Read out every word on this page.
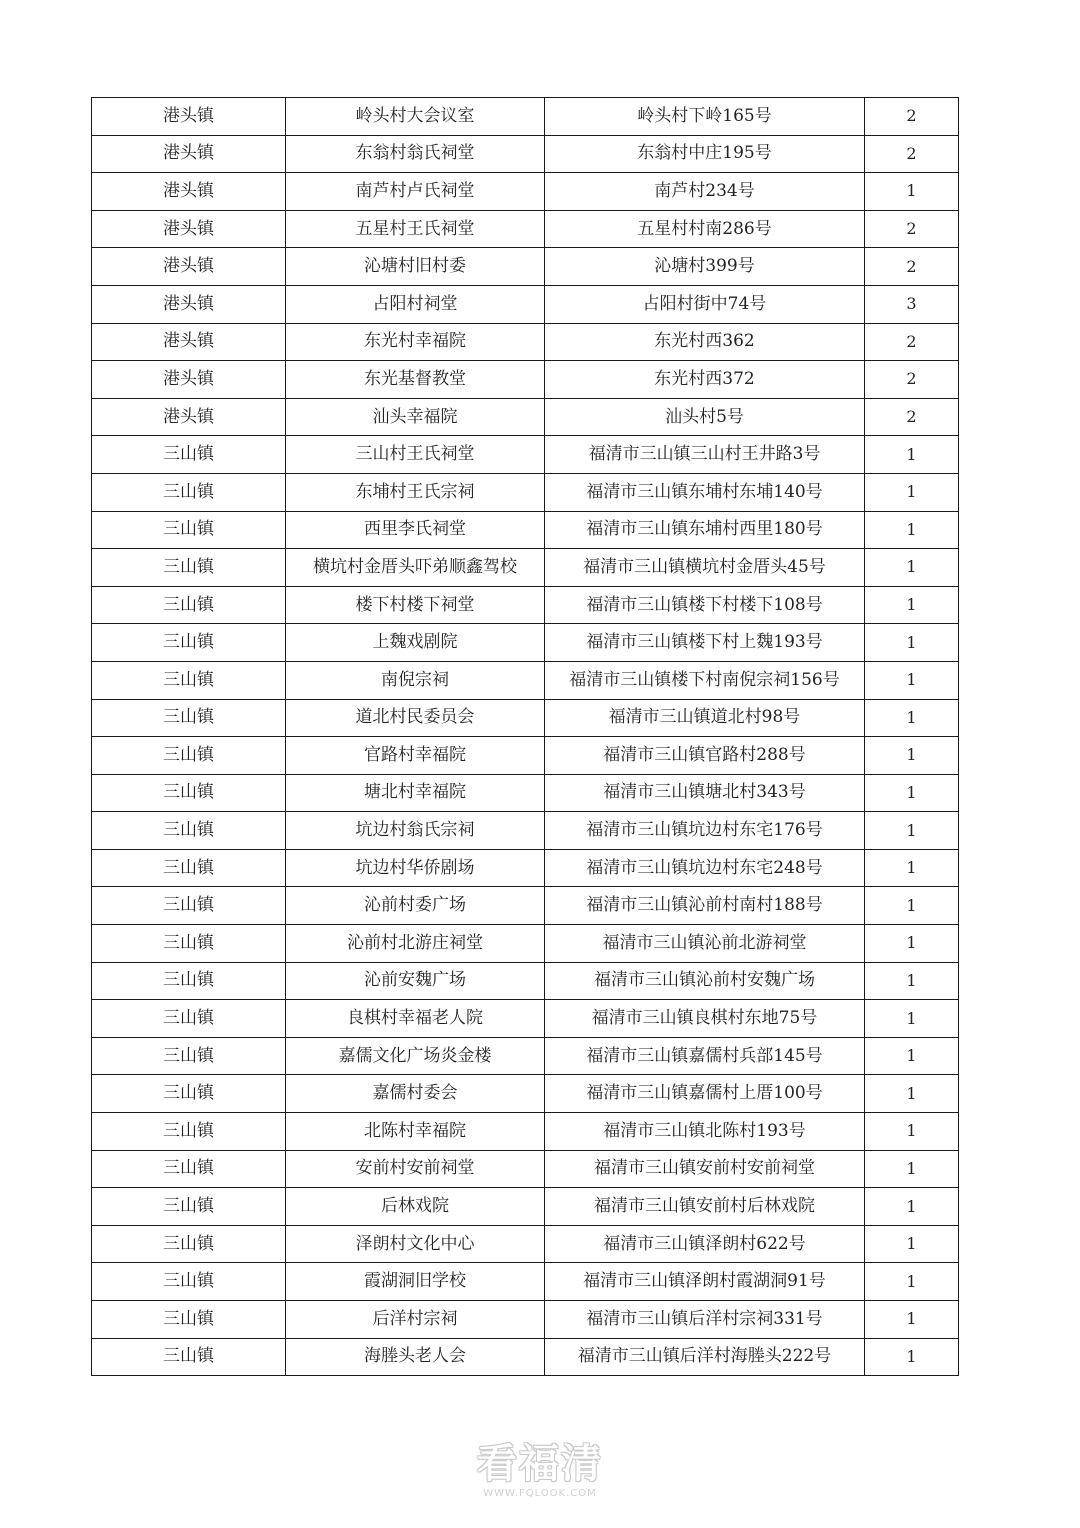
港头镇	岭头村大会议室	岭头村下岭165号	2
港头镇	东翁村翁氏祠堂	东翁村中庄195号	2
港头镇	南芦村卢氏祠堂	南芦村234号	1
港头镇	五星村王氏祠堂	五星村村南286号	2
港头镇	沁塘村旧村委	沁塘村399号	2
港头镇	占阳村祠堂	占阳村街中74号	3
港头镇	东光村幸福院	东光村西362	2
港头镇	东光基督教堂	东光村西372	2
港头镇	汕头幸福院	汕头村5号	2
三山镇	三山村王氏祠堂	福清市三山镇三山村王井路3号	1
三山镇	东埔村王氏宗祠	福清市三山镇东埔村东埔140号	1
三山镇	西里李氏祠堂	福清市三山镇东埔村西里180号	1
三山镇	横坑村金厝头吓弟顺鑫驾校	福清市三山镇横坑村金厝头45号	1
三山镇	楼下村楼下祠堂	福清市三山镇楼下村楼下108号	1
三山镇	上魏戏剧院	福清市三山镇楼下村上魏193号	1
三山镇	南倪宗祠	福清市三山镇楼下村南倪宗祠156号	1
三山镇	道北村民委员会	福清市三山镇道北村98号	1
三山镇	官路村幸福院	福清市三山镇官路村288号	1
三山镇	塘北村幸福院	福清市三山镇塘北村343号	1
三山镇	坑边村翁氏宗祠	福清市三山镇坑边村东宅176号	1
三山镇	坑边村华侨剧场	福清市三山镇坑边村东宅248号	1
三山镇	沁前村委广场	福清市三山镇沁前村南村188号	1
三山镇	沁前村北游庄祠堂	福清市三山镇沁前北游祠堂	1
三山镇	沁前安魏广场	福清市三山镇沁前村安魏广场	1
三山镇	良棋村幸福老人院	福清市三山镇良棋村东地75号	1
三山镇	嘉儒文化广场炎金楼	福清市三山镇嘉儒村兵部145号	1
三山镇	嘉儒村委会	福清市三山镇嘉儒村上厝100号	1
三山镇	北陈村幸福院	福清市三山镇北陈村193号	1
三山镇	安前村安前祠堂	福清市三山镇安前村安前祠堂	1
三山镇	后林戏院	福清市三山镇安前村后林戏院	1
三山镇	泽朗村文化中心	福清市三山镇泽朗村622号	1
三山镇	霞湖洞旧学校	福清市三山镇泽朗村霞湖洞91号	1
三山镇	后洋村宗祠	福清市三山镇后洋村宗祠331号	1
三山镇	海塍头老人会	福清市三山镇后洋村海塍头222号	1
看福清
WWW.FQLOOK.COM
